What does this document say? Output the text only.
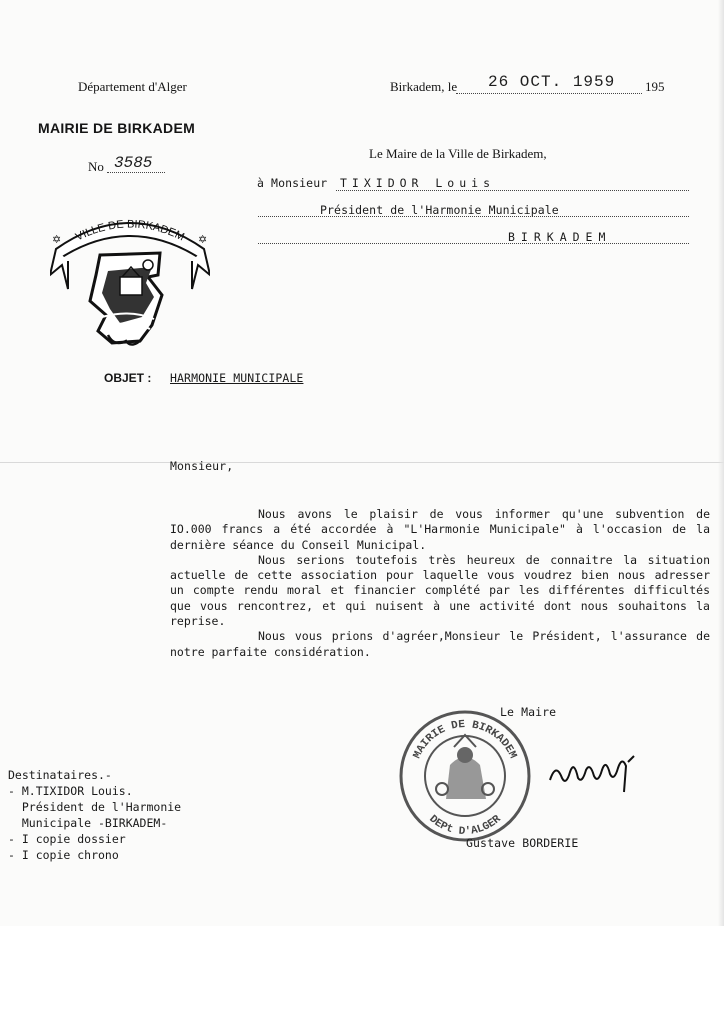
Département d'Alger
MAIRIE DE BIRKADEM
No 3585
Birkadem, le 26 OCT. 1959 195
Le Maire de la Ville de Birkadem,
à Monsieur TIXIDOR Louis
Président de l'Harmonie Municipale
BIRKADEM
VILLE DE BIRKADEM
✡	✡
OBJET : HARMONIE MUNICIPALE
Monsieur,

Nous avons le plaisir de vous informer qu'une subvention de IO.000 francs a été accordée à "L'Harmonie Municipale" à l'occasion de la dernière séance du Conseil Municipal.

Nous serions toutefois très heureux de connaitre la situation actuelle de cette association pour laquelle vous voudrez bien nous adresser un compte rendu moral et financier complété par les différentes difficultés que vous rencontrez, et qui nuisent à une activité dont nous souhaitons la reprise.

Nous vous prions d'agréer,Monsieur le Président, l'assurance de notre parfaite considération.

Le Maire
MAIRIE DE BIRKADEM
DEPt D'ALGER
Gustave BORDERIE
Destinataires.-
- M.TIXIDOR Louis.
Président de l'Harmonie
Municipale -BIRKADEM-
- I copie dossier
- I copie chrono
